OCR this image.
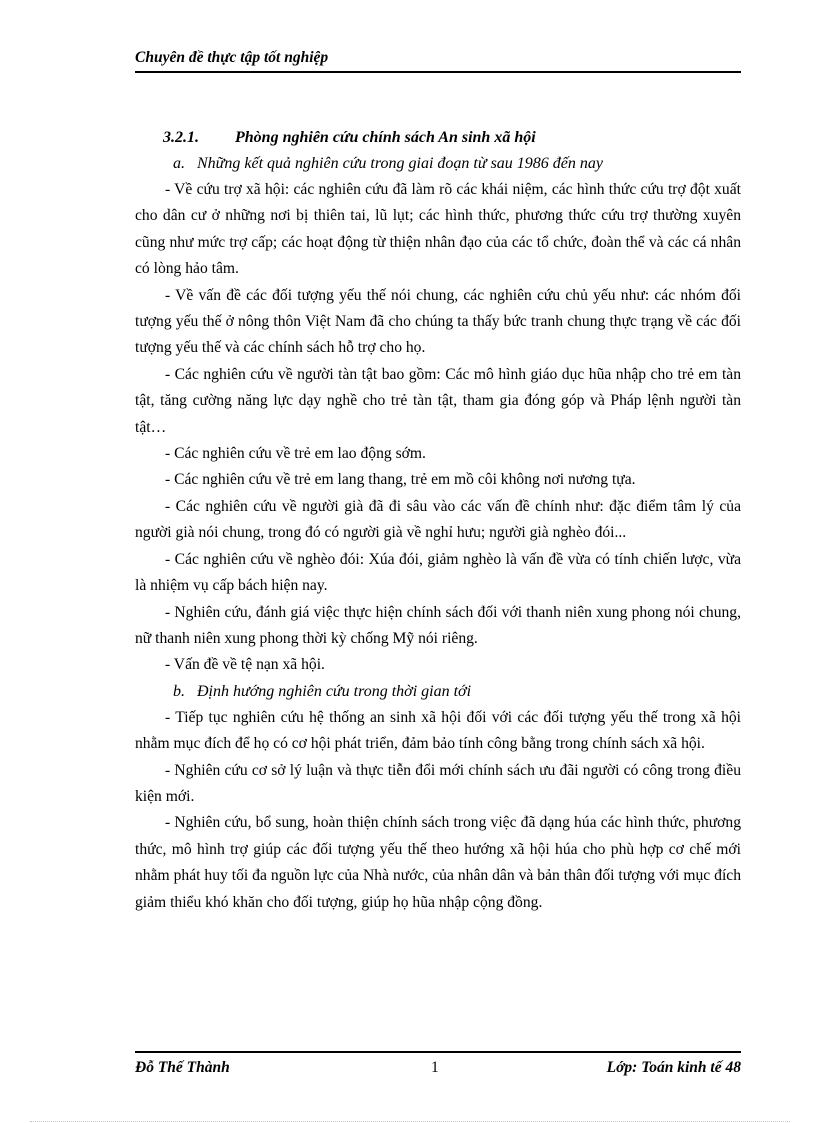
Chuyên đề thực tập tốt nghiệp

3.2.1. Phòng nghiên cứu chính sách An sinh xã hội

a. Những kết quả nghiên cứu trong giai đoạn từ sau 1986 đến nay

- Về cứu trợ xã hội: các nghiên cứu đã làm rõ các khái niệm, các hình thức cứu trợ đột xuất cho dân cư ở những nơi bị thiên tai, lũ lụt; các hình thức, phương thức cứu trợ thường xuyên cũng như mức trợ cấp; các hoạt động từ thiện nhân đạo của các tổ chức, đoàn thể và các cá nhân có lòng hảo tâm.

- Về vấn đề các đối tượng yếu thế nói chung, các nghiên cứu chủ yếu như: các nhóm đối tượng yếu thế ở nông thôn Việt Nam đã cho chúng ta thấy bức tranh chung thực trạng về các đối tượng yếu thế và các chính sách hỗ trợ cho họ.

- Các nghiên cứu về người tàn tật bao gồm: Các mô hình giáo dục hũa nhập cho trẻ em tàn tật, tăng cường năng lực dạy nghề cho trẻ tàn tật, tham gia đóng góp và Pháp lệnh người tàn tật…

- Các nghiên cứu về trẻ em lao động sớm.

- Các nghiên cứu về trẻ em lang thang, trẻ em mồ côi không nơi nương tựa.

- Các nghiên cứu về người già đã đi sâu vào các vấn đề chính như: đặc điểm tâm lý của người già nói chung, trong đó có người già về nghỉ hưu; người già nghèo đói...

- Các nghiên cứu về nghèo đói: Xúa đói, giảm nghèo là vấn đề vừa có tính chiến lược, vừa là nhiệm vụ cấp bách hiện nay.

- Nghiên cứu, đánh giá việc thực hiện chính sách đối với thanh niên xung phong nói chung, nữ thanh niên xung phong thời kỳ chống Mỹ nói riêng.

- Vấn đề về tệ nạn xã hội.

b. Định hướng nghiên cứu trong thời gian tới

- Tiếp tục nghiên cứu hệ thống an sinh xã hội đối với các đối tượng yếu thế trong xã hội nhằm mục đích để họ có cơ hội phát triển, đảm bảo tính công bằng trong chính sách xã hội.

- Nghiên cứu cơ sở lý luận và thực tiễn đổi mới chính sách ưu đãi người có công trong điều kiện mới.

- Nghiên cứu, bổ sung, hoàn thiện chính sách trong việc đã dạng húa các hình thức, phương thức, mô hình trợ giúp các đối tượng yếu thế theo hướng xã hội húa cho phù hợp cơ chế mới nhằm phát huy tối đa nguồn lực của Nhà nước, của nhân dân và bản thân đối tượng với mục đích giảm thiểu khó khăn cho đối tượng, giúp họ hũa nhập cộng đồng.

Đỗ Thế Thành	1	Lớp: Toán kinh tế 48
